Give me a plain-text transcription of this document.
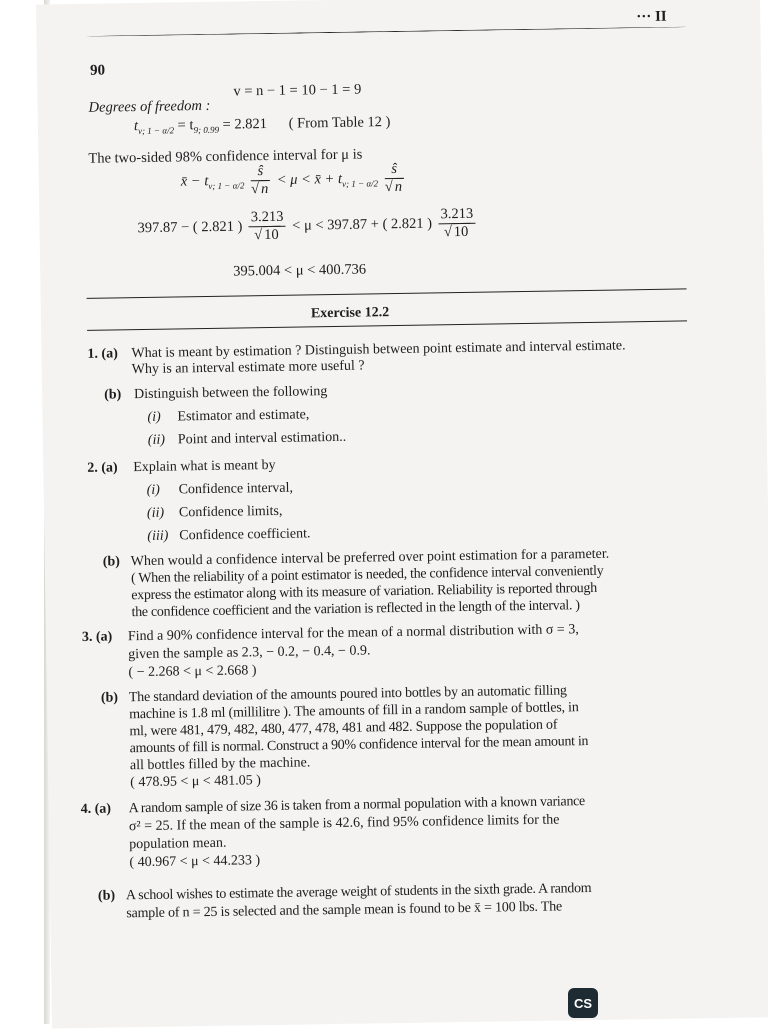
··· II
90
Degrees of freedom :
v = n − 1 = 10 − 1 = 9
$t_{v; 1 - \alpha/2} = t_{9; 0.99} = 2.821$ ( From Table 12 )
The two-sided 98% confidence interval for μ is
x̄ − $t_{v; 1 - \alpha/2} \frac{ŝ}{√ n} < \mu$ < x̄ + $t_{v; 1 - \alpha/2} \frac{ŝ}{√ n}$
397.87 − ( 2.821 ) $\frac{3.213}{√ 10} < \mu < 397.87$ + ( 2.821 ) $\frac{3.213}{√ 10}$
395.004 < μ < 400.736
Exercise 12.2
1. (a) What is meant by estimation ? Distinguish between point estimate and interval estimate.
Why is an interval estimate more useful ?
(b) Distinguish between the following
(i) Estimator and estimate,
(ii) Point and interval estimation..
2. (a) Explain what is meant by
(i) Confidence interval,
(ii) Confidence limits,
(iii) Confidence coefficient.
(b) When would a confidence interval be preferred over point estimation for a parameter.
( When the reliability of a point estimator is needed, the confidence interval conveniently
express the estimator along with its measure of variation. Reliability is reported through
the confidence coefficient and the variation is reflected in the length of the interval. )
3. (a) Find a 90% confidence interval for the mean of a normal distribution with σ = 3,
given the sample as 2.3, − 0.2, − 0.4, − 0.9.
( − 2.268 < μ < 2.668 )
(b) The standard deviation of the amounts poured into bottles by an automatic filling
machine is 1.8 ml (millilitre ). The amounts of fill in a random sample of bottles, in
ml, were 481, 479, 482, 480, 477, 478, 481 and 482. Suppose the population of
amounts of fill is normal. Construct a 90% confidence interval for the mean amount in
all bottles filled by the machine.
( 478.95 < μ < 481.05 )
4. (a) A random sample of size 36 is taken from a normal population with a known variance
σ² = 25. If the mean of the sample is 42.6, find 95% confidence limits for the
population mean.
( 40.967 < μ < 44.233 )
(b) A school wishes to estimate the average weight of students in the sixth grade. A random
sample of n = 25 is selected and the sample mean is found to be x̄ = 100 lbs. The
CS
